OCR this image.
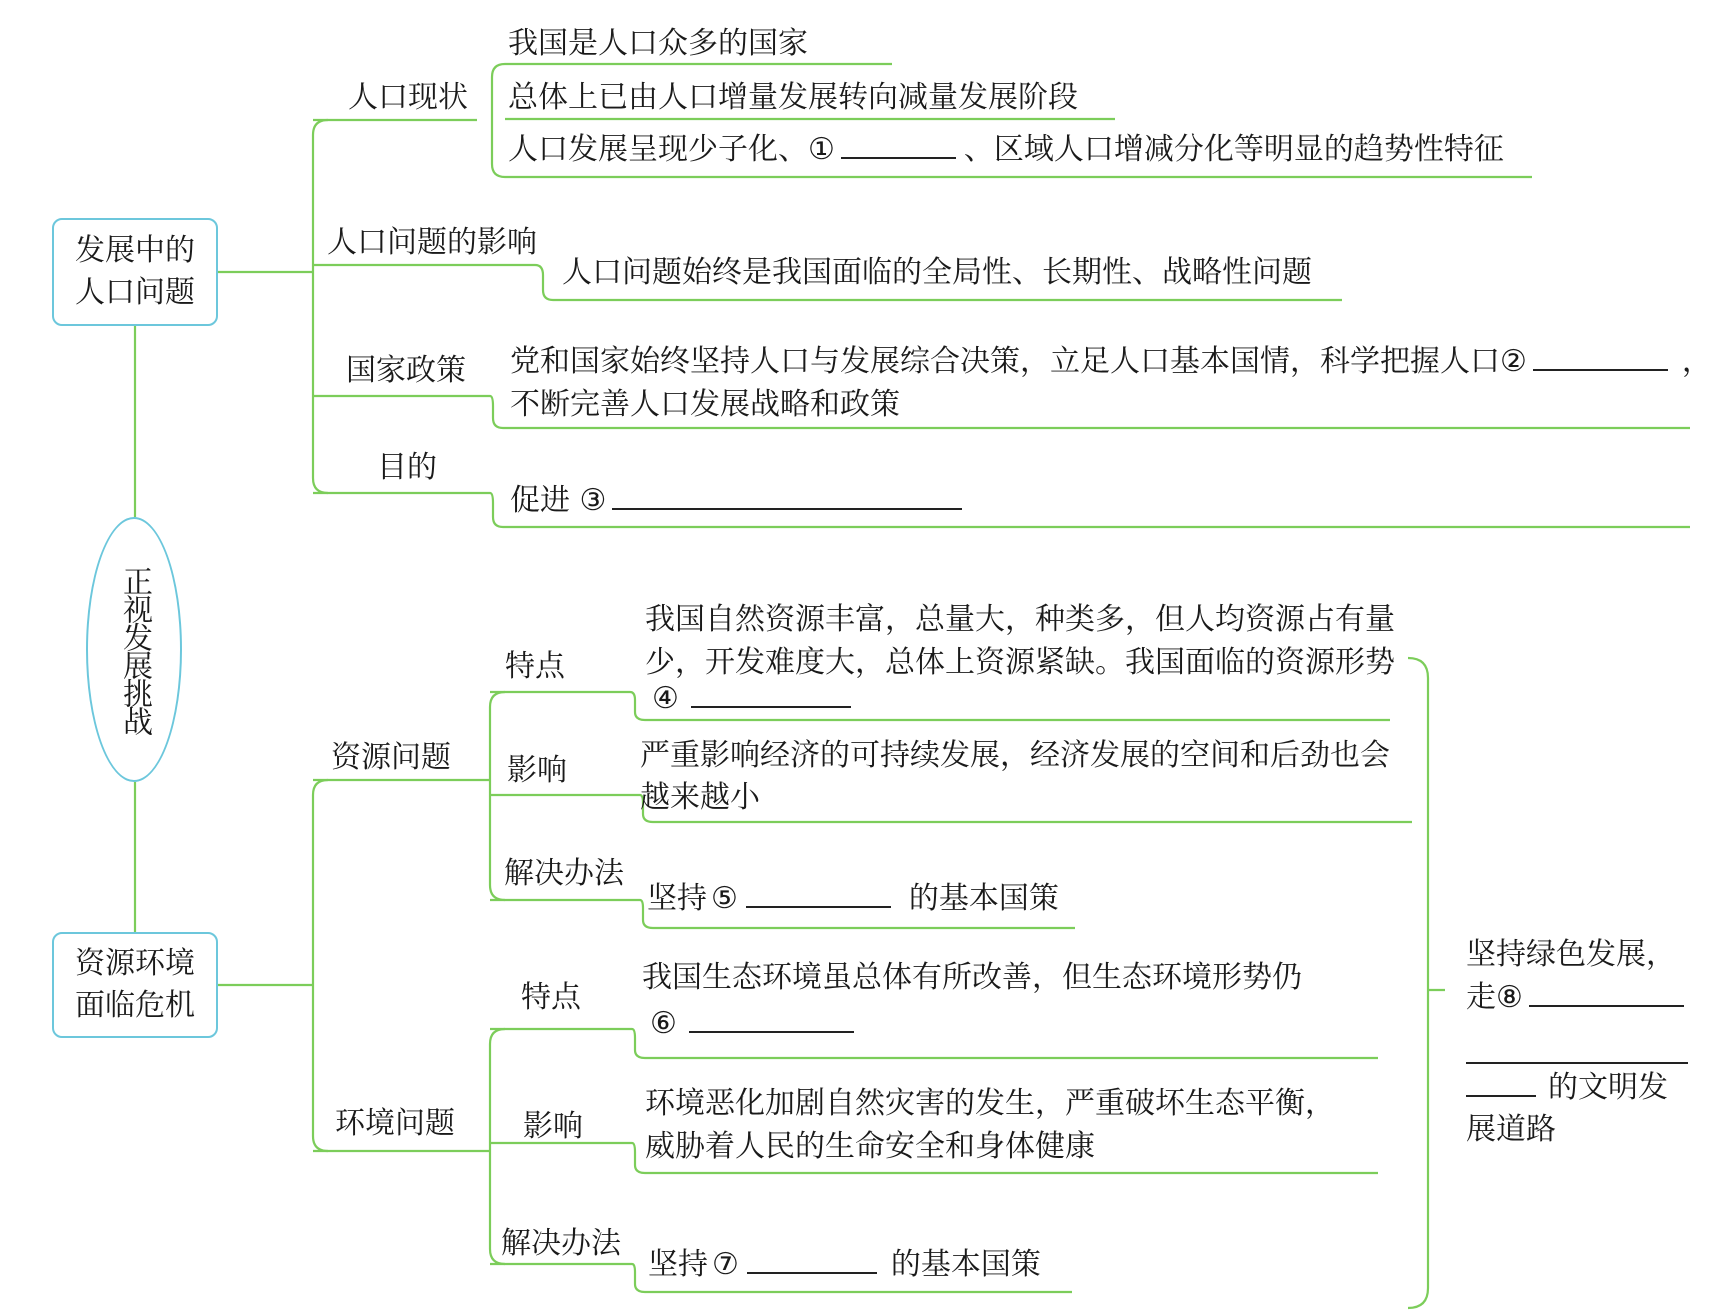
正视发展挑战
发展中的
人口问题
资源环境
面临危机
人口现状
我国是人口众多的国家
总体上已由人口增量发展转向减量发展阶段
人口发展呈现少子化、①	、区域人口增减分化等明显的趋势性特征
人口问题的影响
人口问题始终是我国面临的全局性、长期性、战略性问题
国家政策 党和国家始终坚持人口与发展综合决策，立足人口基本国情，科学把握人口②	，
不断完善人口发展战略和政策
目的
促进 ③
资源问题
特点
我国自然资源丰富，总量大，种类多，但人均资源占有量
少，开发难度大，总体上资源紧缺。我国面临的资源形势
④
影响 严重影响经济的可持续发展，经济发展的空间和后劲也会
越来越小
解决办法
坚持 ⑤	的基本国策
环境问题
特点
我国生态环境虽总体有所改善，但生态环境形势仍
⑥
影响
环境恶化加剧自然灾害的发生，严重破坏生态平衡，
威胁着人民的生命安全和身体健康
解决办法
坚持 ⑦	的基本国策
坚持绿色发展，
走⑧
的文明发
展道路
